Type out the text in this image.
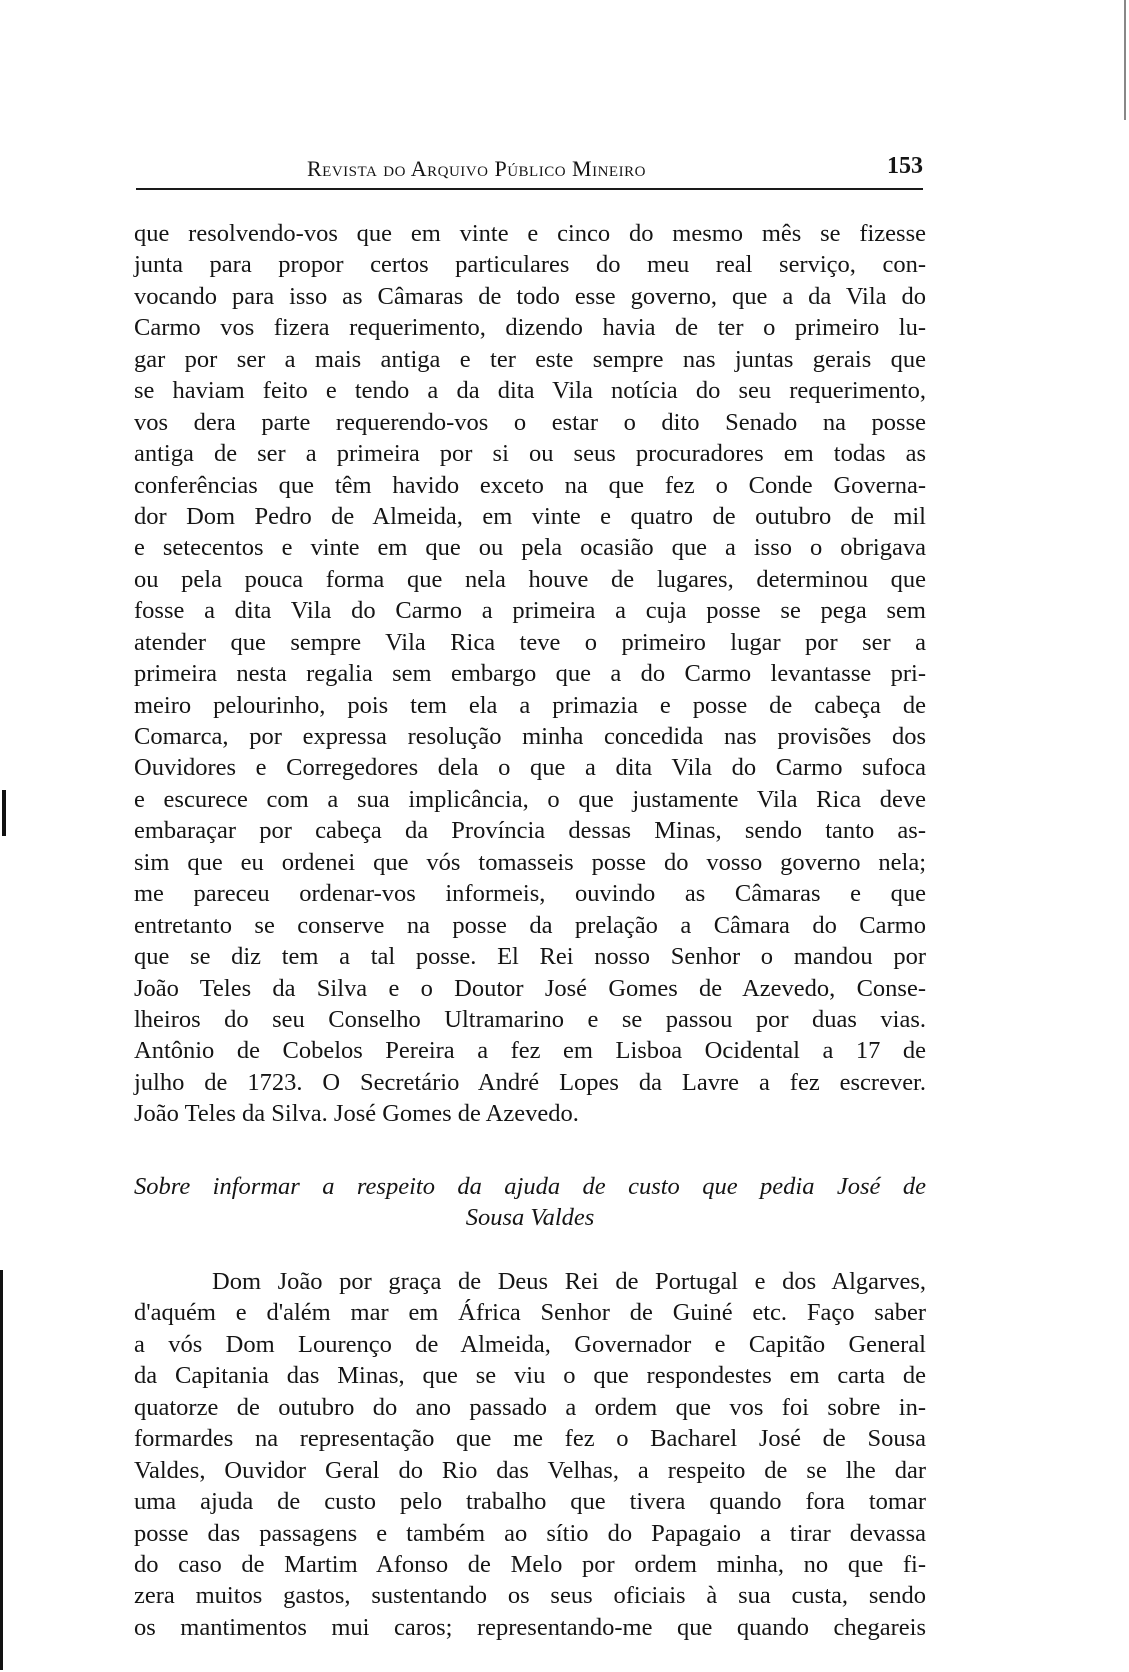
Revista do Arquivo Público Mineiro	153
que resolvendo-vos que em vinte e cinco do mesmo mês se fizesse
junta para propor certos particulares do meu real serviço, con-
vocando para isso as Câmaras de todo esse governo, que a da Vila do
Carmo vos fizera requerimento, dizendo havia de ter o primeiro lu-
gar por ser a mais antiga e ter este sempre nas juntas gerais que
se haviam feito e tendo a da dita Vila notícia do seu requerimento,
vos dera parte requerendo-vos o estar o dito Senado na posse
antiga de ser a primeira por si ou seus procuradores em todas as
conferências que têm havido exceto na que fez o Conde Governa-
dor Dom Pedro de Almeida, em vinte e quatro de outubro de mil
e setecentos e vinte em que ou pela ocasião que a isso o obrigava
ou pela pouca forma que nela houve de lugares, determinou que
fosse a dita Vila do Carmo a primeira a cuja posse se pega sem
atender que sempre Vila Rica teve o primeiro lugar por ser a
primeira nesta regalia sem embargo que a do Carmo levantasse pri-
meiro pelourinho, pois tem ela a primazia e posse de cabeça de
Comarca, por expressa resolução minha concedida nas provisões dos
Ouvidores e Corregedores dela o que a dita Vila do Carmo sufoca
e escurece com a sua implicância, o que justamente Vila Rica deve
embaraçar por cabeça da Província dessas Minas, sendo tanto as-
sim que eu ordenei que vós tomasseis posse do vosso governo nela;
me pareceu ordenar-vos informeis, ouvindo as Câmaras e que
entretanto se conserve na posse da prelação a Câmara do Carmo
que se diz tem a tal posse. El Rei nosso Senhor o mandou por
João Teles da Silva e o Doutor José Gomes de Azevedo, Conse-
lheiros do seu Conselho Ultramarino e se passou por duas vias.
Antônio de Cobelos Pereira a fez em Lisboa Ocidental a 17 de
julho de 1723. O Secretário André Lopes da Lavre a fez escrever.
João Teles da Silva. José Gomes de Azevedo.
Sobre informar a respeito da ajuda de custo que pedia José de
Sousa Valdes
Dom João por graça de Deus Rei de Portugal e dos Algarves,
d'aquém e d'além mar em África Senhor de Guiné etc. Faço saber
a vós Dom Lourenço de Almeida, Governador e Capitão General
da Capitania das Minas, que se viu o que respondestes em carta de
quatorze de outubro do ano passado a ordem que vos foi sobre in-
formardes na representação que me fez o Bacharel José de Sousa
Valdes, Ouvidor Geral do Rio das Velhas, a respeito de se lhe dar
uma ajuda de custo pelo trabalho que tivera quando fora tomar
posse das passagens e também ao sítio do Papagaio a tirar devassa
do caso de Martim Afonso de Melo por ordem minha, no que fi-
zera muitos gastos, sustentando os seus oficiais à sua custa, sendo
os mantimentos mui caros; representando-me que quando chegareis
